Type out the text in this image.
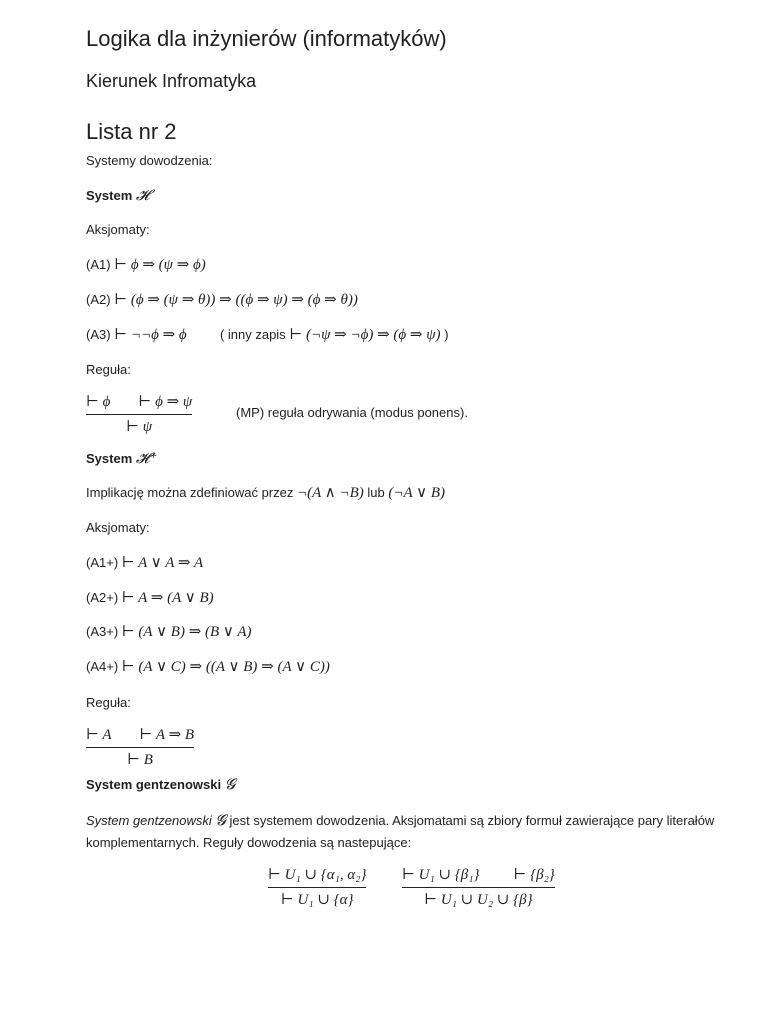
Logika dla inżynierów (informatyków)
Kierunek Infromatyka
Lista nr 2
Systemy dowodzenia:
System 𝓗
Aksjomaty:
(A1) ⊢ ϕ ⇒ (ψ ⇒ ϕ)
(A2) ⊢ (ϕ ⇒ (ψ ⇒ θ)) ⇒ ((ϕ ⇒ ψ) ⇒ (ϕ ⇒ θ))
(A3) ⊢ ¬¬ϕ ⇒ ϕ	( inny zapis ⊢ (¬ψ ⇒ ¬ϕ) ⇒ (ϕ ⇒ ψ) )
Reguła:
⊢ ϕ ⊢ ϕ ⇒ ψ
⊢ ψ
(MP) reguła odrywania (modus ponens).
System 𝓗⁺
Implikację można zdefiniować przez ¬(A ∧ ¬B) lub (¬A ∨ B)
Aksjomaty:
(A1+) ⊢ A ∨ A ⇒ A
(A2+) ⊢ A ⇒ (A ∨ B)
(A3+) ⊢ (A ∨ B) ⇒ (B ∨ A)
(A4+) ⊢ (A ∨ C) ⇒ ((A ∨ B) ⇒ (A ∨ C))
Reguła:
⊢ A ⊢ A ⇒ B
⊢ B
System gentzenowski 𝓖
System gentzenowski 𝓖 jest systemem dowodzenia. Aksjomatami są zbiory formuł zawierające pary literałów komplementarnych. Reguły dowodzenia są nastepujące:
⊢ U₁ ∪ {α₁, α₂}
⊢ U₁ ∪ {α}
⊢ U₁ ∪ {β₁} ⊢ {β₂}
⊢ U₁ ∪ U₂ ∪ {β}
